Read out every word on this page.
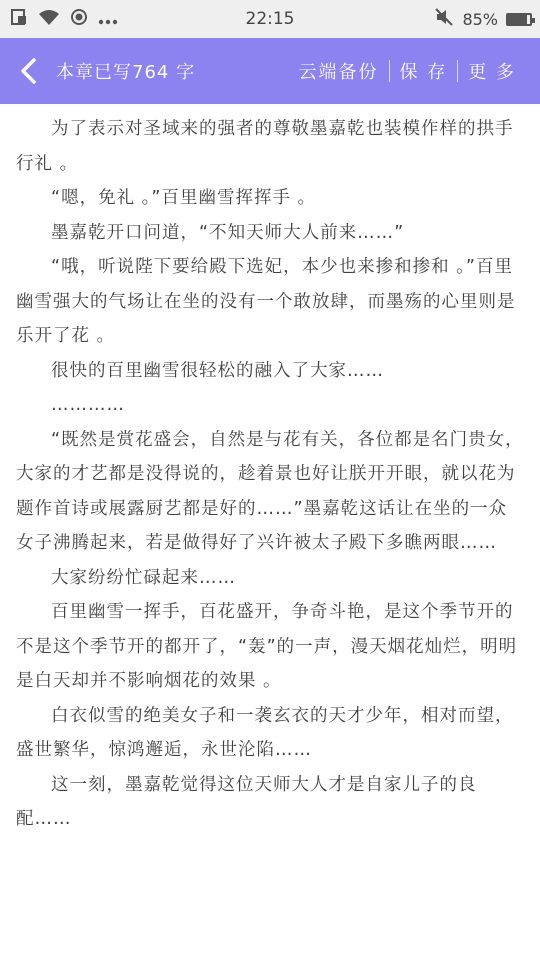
22:15	85%
本章已写764 字	云端备份	保 存	更 多

为了表示对圣域来的强者的尊敬墨嘉乾也装模作样的拱手行礼 。

“嗯，免礼 。”百里幽雪挥挥手 。

墨嘉乾开口问道，“不知天师大人前来……”

“哦，听说陛下要给殿下选妃，本少也来掺和掺和 。”百里幽雪强大的气场让在坐的没有一个敢放肆，而墨殇的心里则是乐开了花 。

很快的百里幽雪很轻松的融入了大家……

…………

“既然是赏花盛会，自然是与花有关，各位都是名门贵女，大家的才艺都是没得说的，趁着景也好让朕开开眼，就以花为题作首诗或展露厨艺都是好的……”墨嘉乾这话让在坐的一众女子沸腾起来，若是做得好了兴许被太子殿下多瞧两眼……

大家纷纷忙碌起来……

百里幽雪一挥手，百花盛开，争奇斗艳，是这个季节开的不是这个季节开的都开了，“轰”的一声，漫天烟花灿烂，明明是白天却并不影响烟花的效果 。

白衣似雪的绝美女子和一袭玄衣的天才少年，相对而望，盛世繁华，惊鸿邂逅，永世沦陷……

这一刻，墨嘉乾觉得这位天师大人才是自家儿子的良配……
